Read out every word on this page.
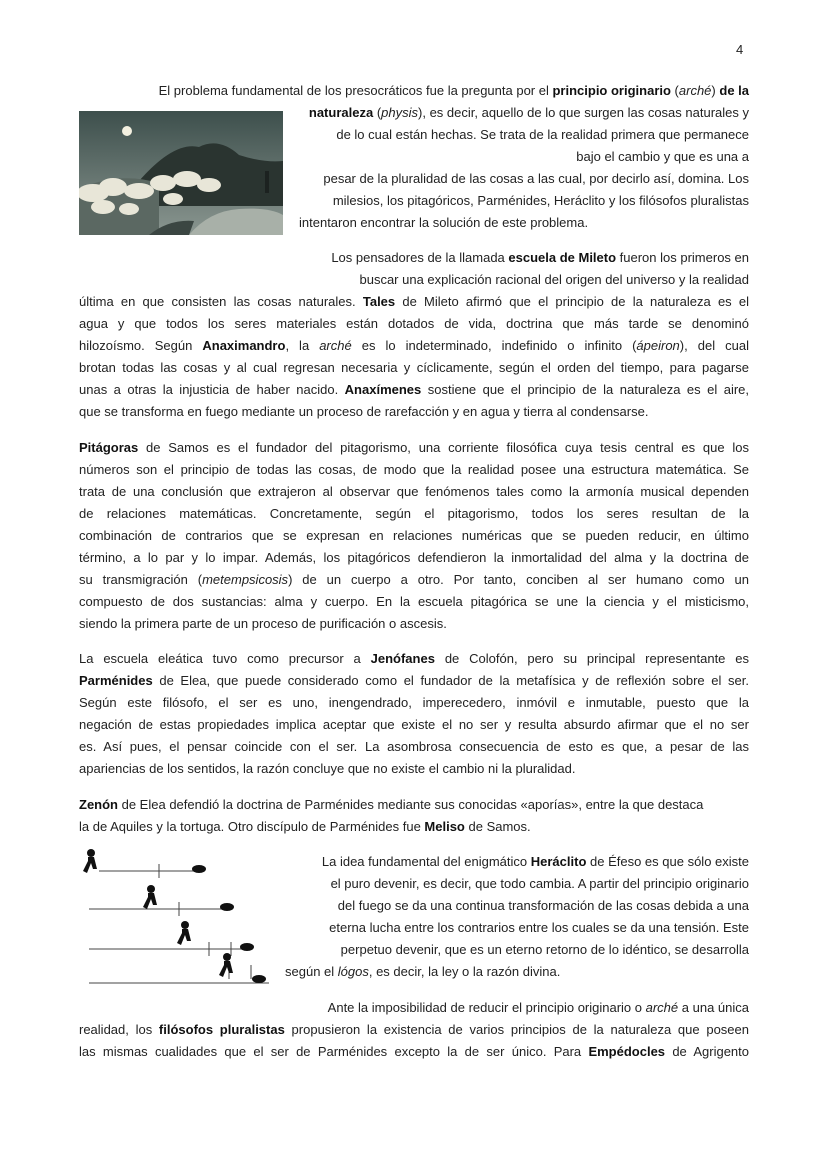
4
El problema fundamental de los presocráticos fue la pregunta por el principio originario (arché) de la
naturaleza (physis), es decir, aquello de lo que surgen las cosas naturales y
de lo cual están hechas. Se trata de la realidad primera que permanece
bajo el cambio y que es una a
pesar de la pluralidad de las cosas a las cual, por decirlo así, domina. Los
milesios, los pitagóricos, Parménides, Heráclito y los filósofos pluralistas
intentaron encontrar la solución de este problema.
Los pensadores de la llamada escuela de Mileto fueron los primeros en
buscar una explicación racional del origen del universo y la realidad
última en que consisten las cosas naturales. Tales de Mileto afirmó que el principio de la naturaleza es el
agua y que todos los seres materiales están dotados de vida, doctrina que más tarde se denominó
hilozoísmo. Según Anaximandro, la arché es lo indeterminado, indefinido o infinito (ápeiron), del cual
brotan todas las cosas y al cual regresan necesaria y cíclicamente, según el orden del tiempo, para pagarse
unas a otras la injusticia de haber nacido. Anaxímenes sostiene que el principio de la naturaleza es el aire,
que se transforma en fuego mediante un proceso de rarefacción y en agua y tierra al condensarse.
Pitágoras de Samos es el fundador del pitagorismo, una corriente filosófica cuya tesis central es que los
números son el principio de todas las cosas, de modo que la realidad posee una estructura matemática. Se
trata de una conclusión que extrajeron al observar que fenómenos tales como la armonía musical dependen
de relaciones matemáticas. Concretamente, según el pitagorismo, todos los seres resultan de la
combinación de contrarios que se expresan en relaciones numéricas que se pueden reducir, en último
término, a lo par y lo impar. Además, los pitagóricos defendieron la inmortalidad del alma y la doctrina de
su transmigración (metempsicosis) de un cuerpo a otro. Por tanto, conciben al ser humano como un
compuesto de dos sustancias: alma y cuerpo. En la escuela pitagórica se une la ciencia y el misticismo,
siendo la primera parte de un proceso de purificación o ascesis.
La escuela eleática tuvo como precursor a Jenófanes de Colofón, pero su principal representante es
Parménides de Elea, que puede considerado como el fundador de la metafísica y de reflexión sobre el ser.
Según este filósofo, el ser es uno, inengendrado, imperecedero, inmóvil e inmutable, puesto que la
negación de estas propiedades implica aceptar que existe el no ser y resulta absurdo afirmar que el no ser
es. Así pues, el pensar coincide con el ser. La asombrosa consecuencia de esto es que, a pesar de las
apariencias de los sentidos, la razón concluye que no existe el cambio ni la pluralidad.
Zenón de Elea defendió la doctrina de Parménides mediante sus conocidas «aporías», entre la que destaca
la de Aquiles y la tortuga. Otro discípulo de Parménides fue Meliso de Samos.
La idea fundamental del enigmático Heráclito de Éfeso es que sólo existe
el puro devenir, es decir, que todo cambia. A partir del principio originario
del fuego se da una continua transformación de las cosas debida a una
eterna lucha entre los contrarios entre los cuales se da una tensión. Este
perpetuo devenir, que es un eterno retorno de lo idéntico, se desarrolla
según el lógos, es decir, la ley o la razón divina.
Ante la imposibilidad de reducir el principio originario o arché a una única
realidad, los filósofos pluralistas propusieron la existencia de varios principios de la naturaleza que poseen
las mismas cualidades que el ser de Parménides excepto la de ser único. Para Empédocles de Agrigento
